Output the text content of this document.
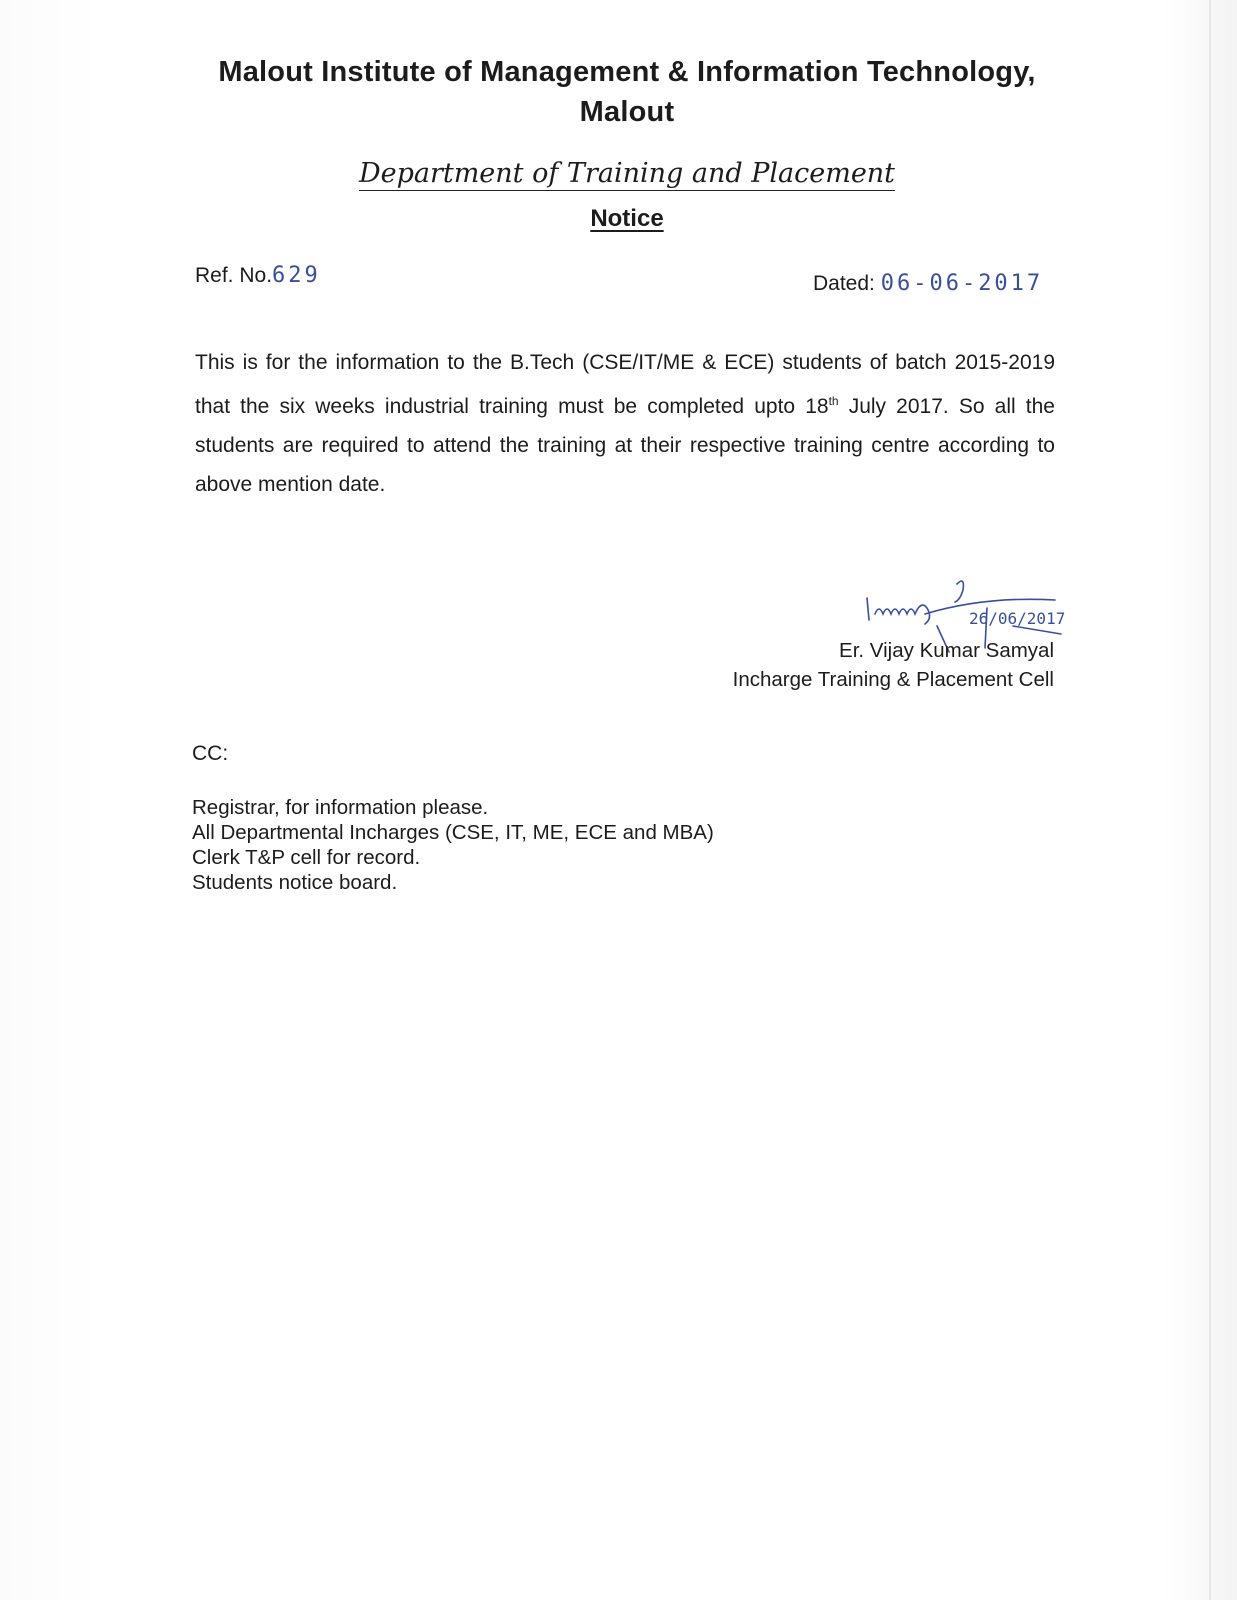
Malout Institute of Management & Information Technology,
Malout
Department of Training and Placement
Notice
Ref. No.629	Dated: 06-06-2017
This is for the information to the B.Tech (CSE/IT/ME & ECE) students of batch 2015-2019 that the six weeks industrial training must be completed upto 18th July 2017. So all the students are required to attend the training at their respective training centre according to above mention date.
26/06/2017
Er. Vijay Kumar Samyal
Incharge Training & Placement Cell
CC:
Registrar, for information please.
All Departmental Incharges (CSE, IT, ME, ECE and MBA)
Clerk T&P cell for record.
Students notice board.
